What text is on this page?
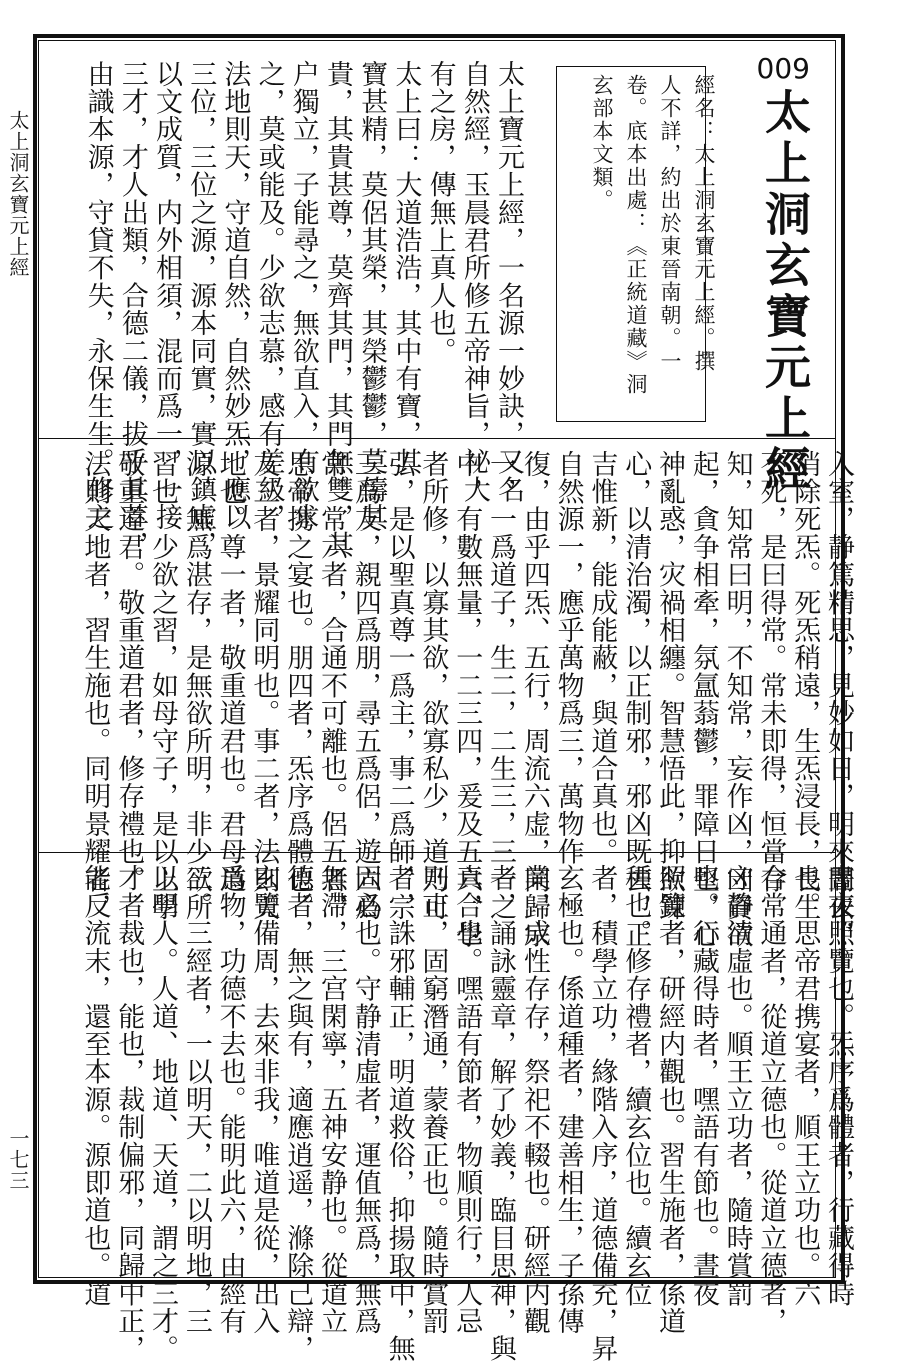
太上洞玄寶元上經
一七三
009
太上洞玄寶元上經
經名：太上洞玄寶元上經。撰
人不詳，約出於東晉南朝。一
卷。底本出處：《正統道藏》洞
玄部本文類。
太上寶元上經，一名源一妙訣，又名
自然經，玉晨君所修五帝神旨，祕大
有之房，傳無上真人也。
太上曰：大道浩浩，其中有寶，其
寶甚精，莫侶其榮，其榮鬱鬱，莫儔其
貴，其貴甚尊，莫齊其門，其門無雙，其
户獨立，子能尋之，無欲直入，有欲求
之，莫或能及。少欲志慕，感有差級，
法地則天，守道自然，自然妙炁，應以
三位，三位之源，源本同實，實以鎮虛，
以文成質，内外相須，混而爲一，一接
三才，才人出類，合德二儀，拔乎其萃，
由識本源，守貸不失，永保生生。修之
入室，静篤精思，見妙如日，明來闇去，
消除死炁。死炁稍遠，生炁浸長，長生
不死，是曰得常。常未即得，恒當存
知，知常曰明，不知常，妄作凶，凶資欲
起，貪争相牽，氛氲蓊鬱，罪障日堅，心
神亂惑，灾禍相纏。智慧悟此，抑欲錬
心，以清治濁，以正制邪，邪凶既去，正
吉惟新，能成能蔽，與道合真也。
自然源一，應乎萬物爲三，萬物作
復，由乎四炁、五行，周流六虚，同歸宗
一，一爲道子，生二，二生三，三一之
中，有數無量，一二三四，爰及五六，學
者所修，以寡其欲，欲寡私少，道乃可
弘，是以聖真尊一爲主，事二爲師，宗
三爲友，親四爲朋，尋五爲侶，遊六爲
常。常六者，合通不可離也。侶五者，
思帝携之宴也。朋四者，炁序爲體也。
友三者，景耀同明也。事二者，法則天
地也。尊一者，敬重道君也。君母道
源，無爲湛存，是無欲所明，非少欲所
習也。少欲之習，如母守子，是以上學
敬重道君。敬重道君者，修存禮也。
法則天地者，習生施也。同明景耀者，
晝夜照覽也。炁序爲體者，行藏得時
也。思帝君携宴者，順王立功也。六
合常通者，從道立德也。從道立德者，
守静清虛也。順王立功者，隨時賞罰
也。行藏得時者，嘿語有節也。晝夜
照覽者，研經内觀也。習生施者，係道
種也。修存禮者，續玄位也。續玄位
者，積學立功，緣階入序，道德備充，昇
玄極也。係道種者，建善相生，子孫傳
業，成性存存，祭祀不輟也。研經内觀
者，誦詠靈章，解了妙義，臨目思神，與
真合也。嘿語有節者，物順則行，人忌
則止，固窮潛通，蒙養正也。隨時賞罰
者，誅邪輔正，明道救俗，抑揚取中，無
固必也。守静清虛者，運值無爲，無爲
無滯，三宫閑寧，五神安静也。從道立
德者，無之與有，適應逍遥，滌除己辯，
玄覽備周，去來非我，唯道是從，出入
爲物，功德不去也。能明此六，由經有
三。三經者，一以明天，二以明地，三
以明人。人道、地道、天道，謂之三才。
才者裁也，能也，裁制偏邪，同歸中正，
能反流末，還至本源。源即道也。道
